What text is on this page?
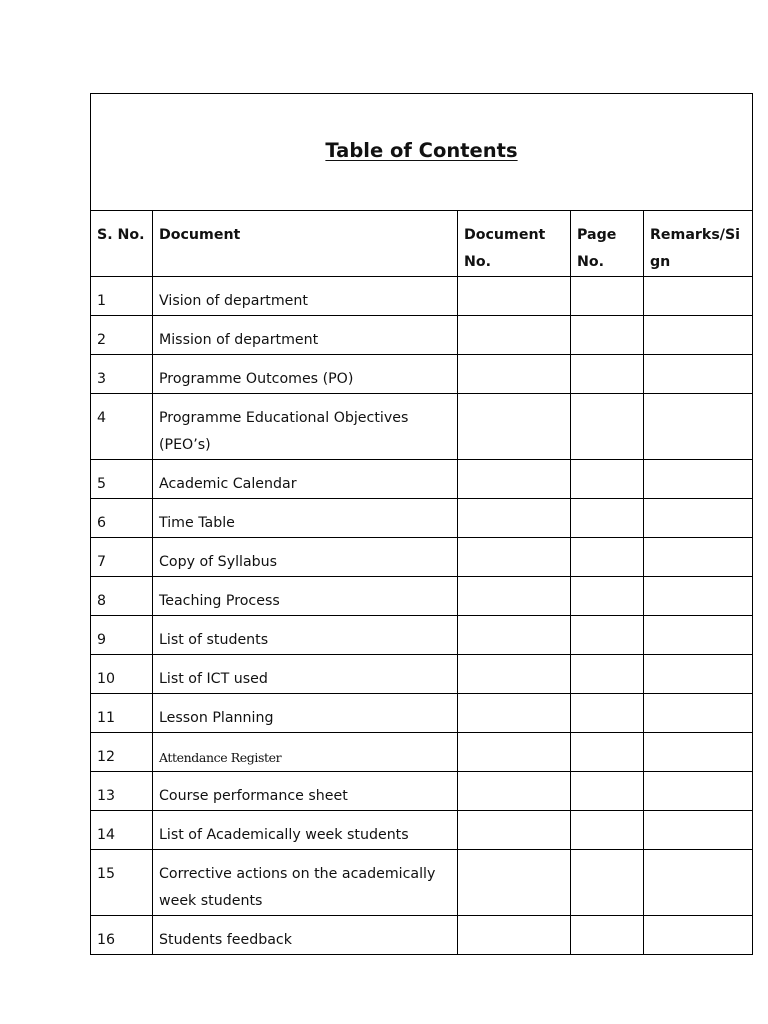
Table of Contents				
S. No.	Document	Document No.	Page No.	Remarks/Sign
1	Vision of department			
2	Mission of department			
3	Programme Outcomes (PO)			
4	Programme Educational Objectives (PEO’s)			
5	Academic Calendar			
6	Time Table			
7	Copy of Syllabus			
8	Teaching Process			
9	List of students			
10	List of ICT used			
11	Lesson Planning			
12	Attendance Register			
13	Course performance sheet			
14	List of Academically week students			
15	Corrective actions on the academically week students			
16	Students feedback			
